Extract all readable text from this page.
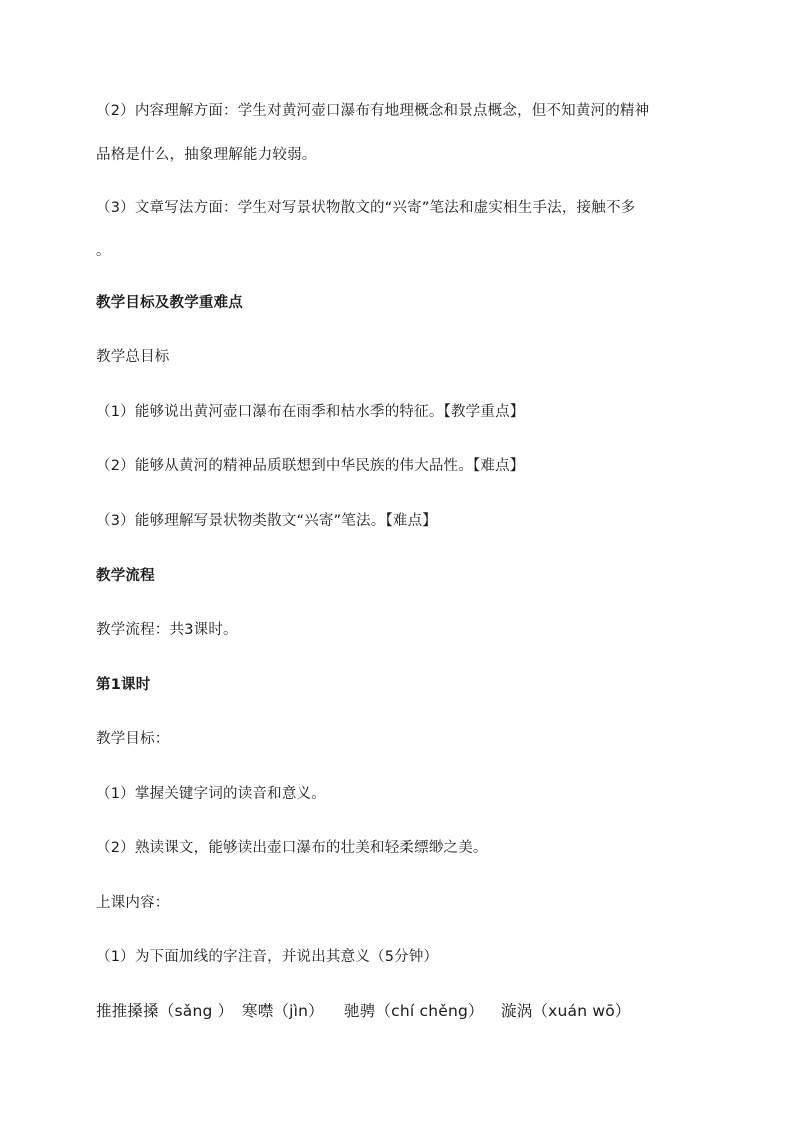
（2）内容理解方面：学生对黄河壶口瀑布有地理概念和景点概念，但不知黄河的精神
品格是什么，抽象理解能力较弱。
（3）文章写法方面：学生对写景状物散文的“兴寄”笔法和虚实相生手法，接触不多
。
教学目标及教学重难点
教学总目标
（1）能够说出黄河壶口瀑布在雨季和枯水季的特征。【教学重点】
（2）能够从黄河的精神品质联想到中华民族的伟大品性。【难点】
（3）能够理解写景状物类散文“兴寄”笔法。【难点】
教学流程
教学流程：共3课时。
第1课时
教学目标：
（1）掌握关键字词的读音和意义。
（2）熟读课文，能够读出壶口瀑布的壮美和轻柔缥缈之美。
上课内容：
（1）为下面加线的字注音，并说出其意义（5分钟）
推推搡搡（sǎng ） 寒噤（jìn） 驰骋（chí chěng） 漩涡（xuán wō）
